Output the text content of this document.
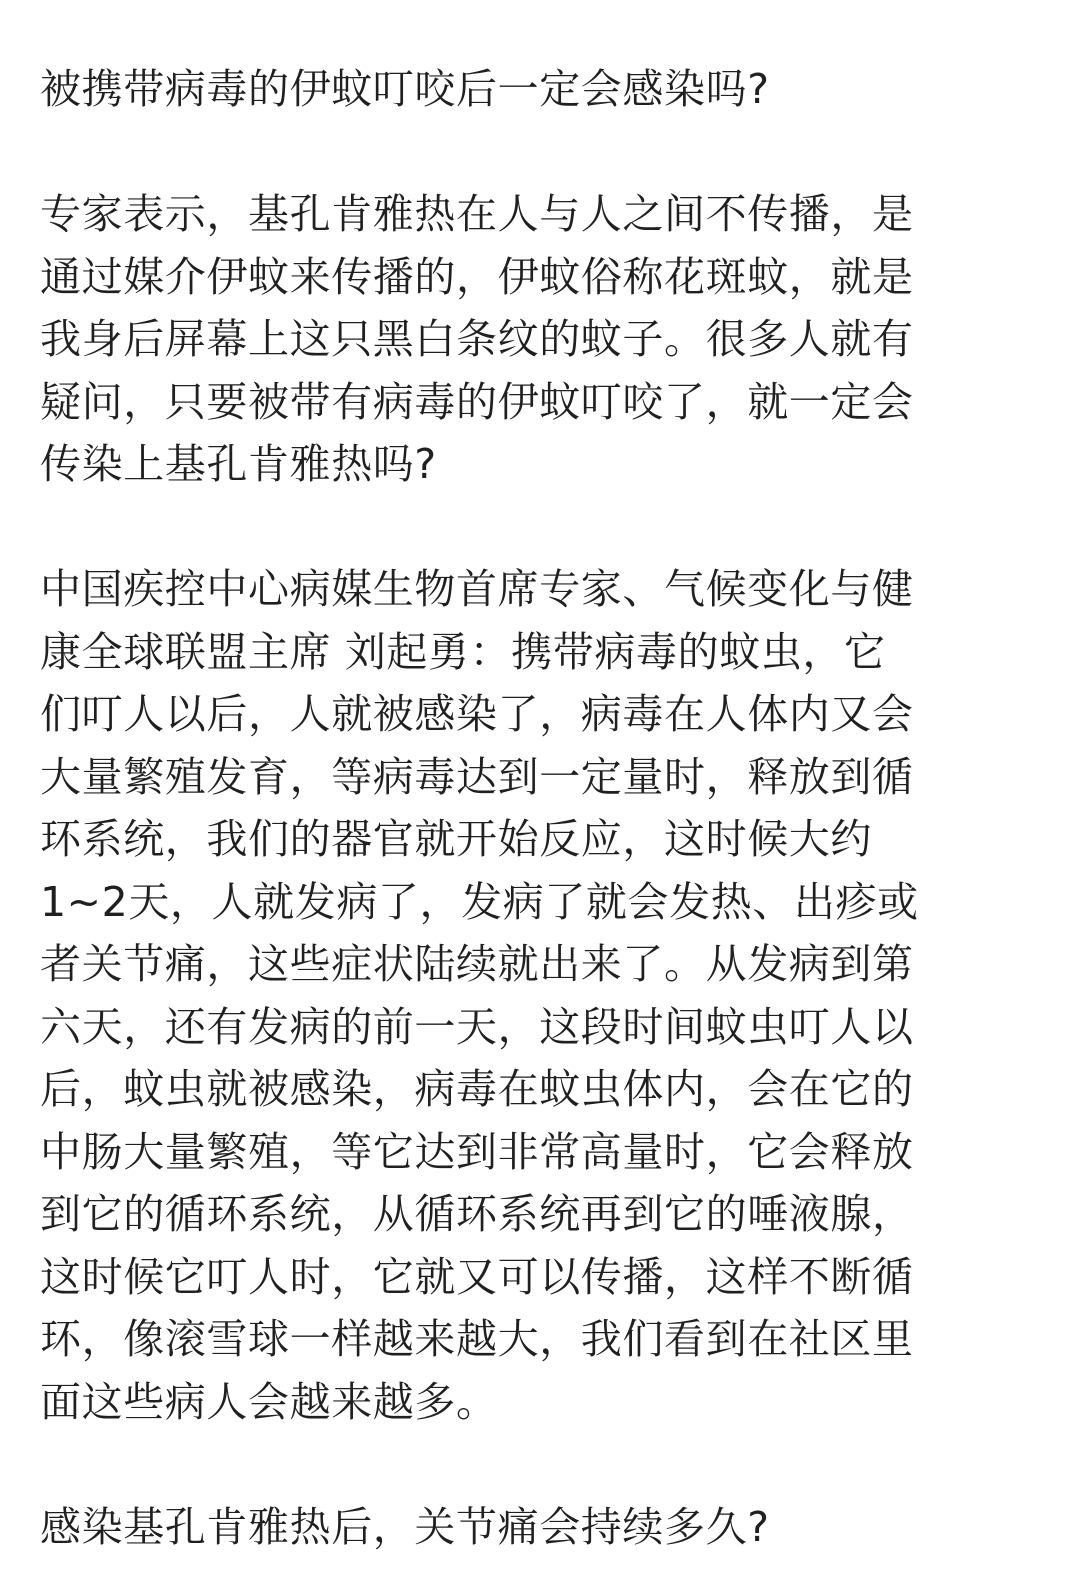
被携带病毒的伊蚊叮咬后一定会感染吗?

专家表示，基孔肯雅热在人与人之间不传播，是
通过媒介伊蚊来传播的，伊蚊俗称花斑蚊，就是
我身后屏幕上这只黑白条纹的蚊子。很多人就有
疑问，只要被带有病毒的伊蚊叮咬了，就一定会
传染上基孔肯雅热吗?

中国疾控中心病媒生物首席专家、气候变化与健
康全球联盟主席 刘起勇：携带病毒的蚊虫，它
们叮人以后，人就被感染了，病毒在人体内又会
大量繁殖发育，等病毒达到一定量时，释放到循
环系统，我们的器官就开始反应，这时候大约
1~2天，人就发病了，发病了就会发热、出疹或
者关节痛，这些症状陆续就出来了。从发病到第
六天，还有发病的前一天，这段时间蚊虫叮人以
后，蚊虫就被感染，病毒在蚊虫体内，会在它的
中肠大量繁殖，等它达到非常高量时，它会释放
到它的循环系统，从循环系统再到它的唾液腺，
这时候它叮人时，它就又可以传播，这样不断循
环，像滚雪球一样越来越大，我们看到在社区里
面这些病人会越来越多。

感染基孔肯雅热后，关节痛会持续多久?
